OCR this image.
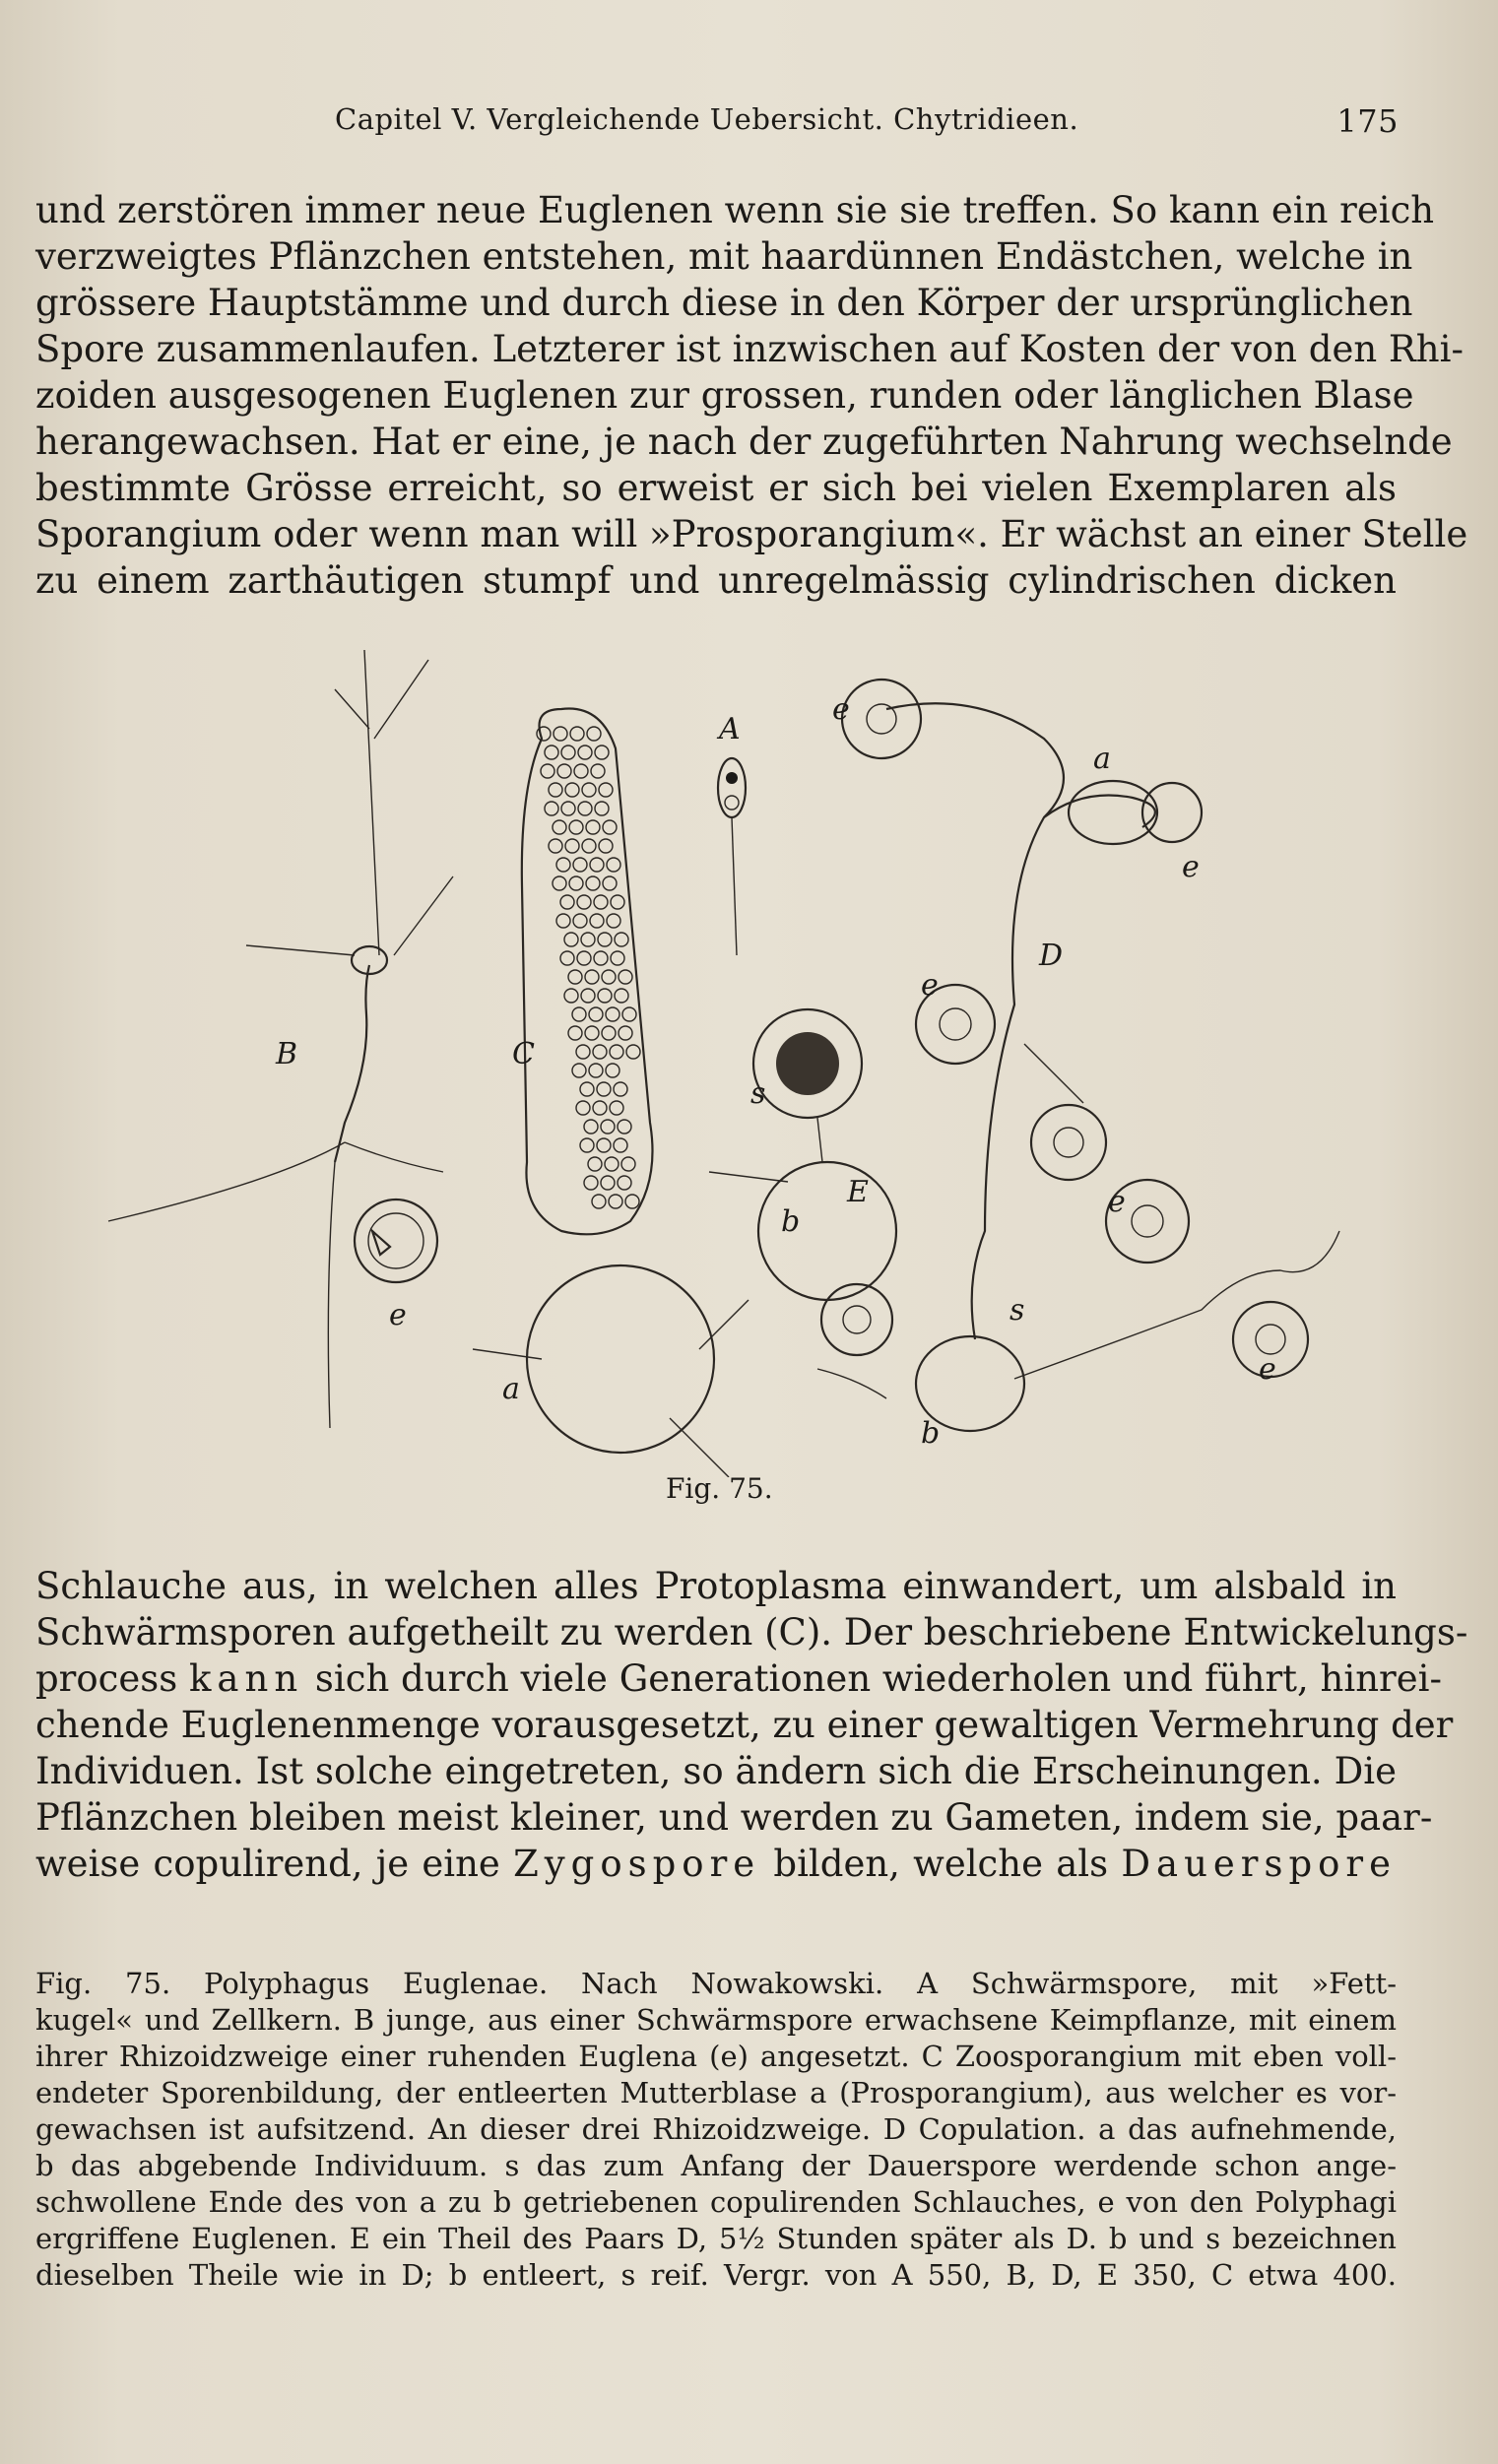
Capitel V. Vergleichende Uebersicht. Chytridieen.	175
und zerstören immer neue Euglenen wenn sie sie treffen. So kann ein reich
verzweigtes Pflänzchen entstehen, mit haardünnen Endästchen, welche in
grössere Hauptstämme und durch diese in den Körper der ursprünglichen
Spore zusammenlaufen. Letzterer ist inzwischen auf Kosten der von den Rhi-
zoiden ausgesogenen Euglenen zur grossen, runden oder länglichen Blase
herangewachsen. Hat er eine, je nach der zugeführten Nahrung wechselnde
bestimmte Grösse erreicht, so erweist er sich bei vielen Exemplaren als
Sporangium oder wenn man will »Prosporangium«. Er wächst an einer Stelle
zu einem zarthäutigen stumpf und unregelmässig cylindrischen dicken
B
e
C
a
A
s
E
b
e
a
e
D
e
e
s
b
e
Fig. 75.
Schlauche aus, in welchen alles Protoplasma einwandert, um alsbald in
Schwärmsporen aufgetheilt zu werden (C). Der beschriebene Entwickelungs-
process kann sich durch viele Generationen wiederholen und führt, hinrei-
chende Euglenenmenge vorausgesetzt, zu einer gewaltigen Vermehrung der
Individuen. Ist solche eingetreten, so ändern sich die Erscheinungen. Die
Pflänzchen bleiben meist kleiner, und werden zu Gameten, indem sie, paar-
weise copulirend, je eine Zygospore bilden, welche als Dauerspore
Fig. 75. Polyphagus Euglenae. Nach Nowakowski. A Schwärmspore, mit »Fett-
kugel« und Zellkern. B junge, aus einer Schwärmspore erwachsene Keimpflanze, mit einem
ihrer Rhizoidzweige einer ruhenden Euglena (e) angesetzt. C Zoosporangium mit eben voll-
endeter Sporenbildung, der entleerten Mutterblase a (Prosporangium), aus welcher es vor-
gewachsen ist aufsitzend. An dieser drei Rhizoidzweige. D Copulation. a das aufnehmende,
b das abgebende Individuum. s das zum Anfang der Dauerspore werdende schon ange-
schwollene Ende des von a zu b getriebenen copulirenden Schlauches, e von den Polyphagi
ergriffene Euglenen. E ein Theil des Paars D, 5½ Stunden später als D. b und s bezeichnen
dieselben Theile wie in D; b entleert, s reif. Vergr. von A 550, B, D, E 350, C etwa 400.
